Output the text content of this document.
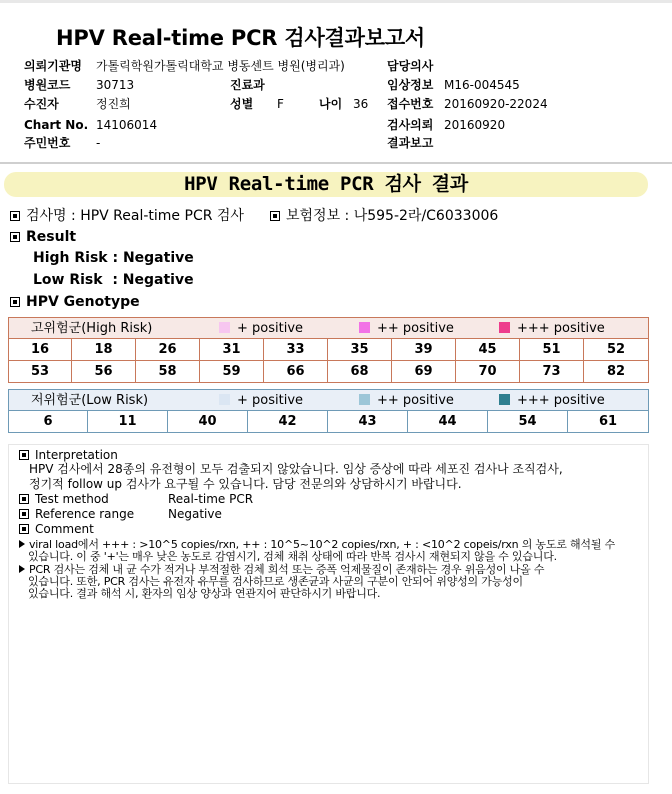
HPV Real-time PCR 검사결과보고서
의뢰기관명 가톨릭학원가톨릭대학교 병동센트 병원(병리과)	담당의사
병원코드 30713	진료과	임상정보 M16-004545
수진자	정진희	성별 F	나이 36 접수번호 20160920-22024
Chart No. 14106014	검사의뢰 20160920
주민번호 -	결과보고
HPV Real-time PCR 검사 결과
검사명 : HPV Real-time PCR 검사	보험정보 : 나595-2라/C6033006
Result
High Risk : Negative
Low Risk  : Negative
HPV Genotype
고위험군(High Risk)	+ positive	++ positive	+++ positive
16	18	26	31	33	35	39	45	51	52
53	56	58	59	66	68	69	70	73	82
저위험군(Low Risk)	+ positive	++ positive	+++ positive
6	11	40	42	43	44	54	61
Interpretation
HPV 검사에서 28종의 유전형이 모두 검출되지 않았습니다. 임상 증상에 따라 세포진 검사나 조직검사,
정기적 follow up 검사가 요구될 수 있습니다. 담당 전문의와 상담하시기 바랍니다.
Test method	Real-time PCR
Reference range	Negative
Comment
viral load에서 +++ : >10^5 copies/rxn, ++ : 10^5~10^2 copies/rxn, + : <10^2 copeis/rxn 의 농도로 해석될 수
있습니다. 이 중 '+'는 매우 낮은 농도로 감염시기, 검체 채취 상태에 따라 반복 검사시 재현되지 않을 수 있습니다.
PCR 검사는 검체 내 균 수가 적거나 부적절한 검체 희석 또는 증폭 억제물질이 존재하는 경우 위음성이 나올 수
있습니다. 또한, PCR 검사는 유전자 유무를 검사하므로 생존균과 사균의 구분이 안되어 위양성의 가능성이
있습니다. 결과 해석 시, 환자의 임상 양상과 연관지어 판단하시기 바랍니다.
